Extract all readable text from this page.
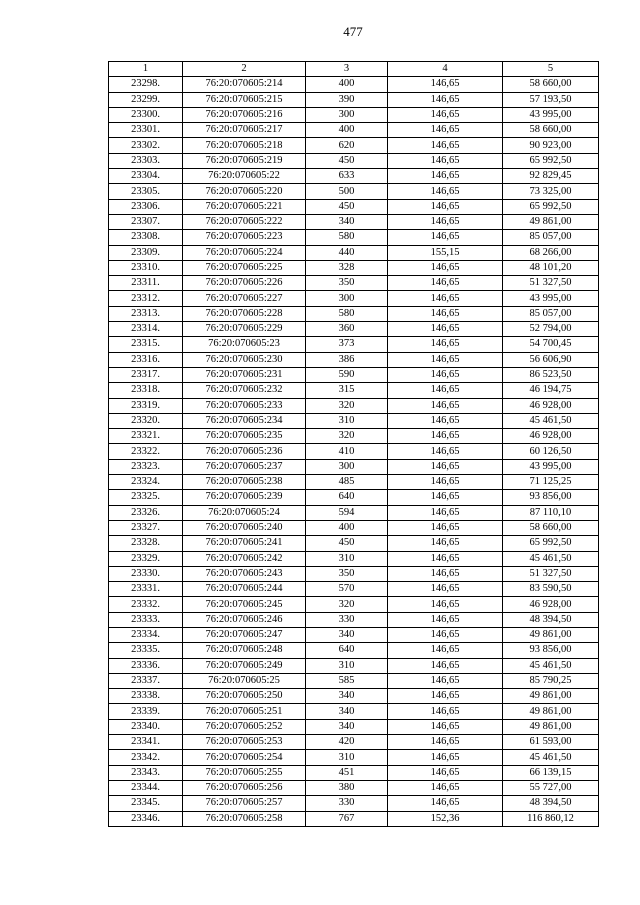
477
1	2	3	4	5
23298.	76:20:070605:214	400	146,65	58 660,00
23299.	76:20:070605:215	390	146,65	57 193,50
23300.	76:20:070605:216	300	146,65	43 995,00
23301.	76:20:070605:217	400	146,65	58 660,00
23302.	76:20:070605:218	620	146,65	90 923,00
23303.	76:20:070605:219	450	146,65	65 992,50
23304.	76:20:070605:22	633	146,65	92 829,45
23305.	76:20:070605:220	500	146,65	73 325,00
23306.	76:20:070605:221	450	146,65	65 992,50
23307.	76:20:070605:222	340	146,65	49 861,00
23308.	76:20:070605:223	580	146,65	85 057,00
23309.	76:20:070605:224	440	155,15	68 266,00
23310.	76:20:070605:225	328	146,65	48 101,20
23311.	76:20:070605:226	350	146,65	51 327,50
23312.	76:20:070605:227	300	146,65	43 995,00
23313.	76:20:070605:228	580	146,65	85 057,00
23314.	76:20:070605:229	360	146,65	52 794,00
23315.	76:20:070605:23	373	146,65	54 700,45
23316.	76:20:070605:230	386	146,65	56 606,90
23317.	76:20:070605:231	590	146,65	86 523,50
23318.	76:20:070605:232	315	146,65	46 194,75
23319.	76:20:070605:233	320	146,65	46 928,00
23320.	76:20:070605:234	310	146,65	45 461,50
23321.	76:20:070605:235	320	146,65	46 928,00
23322.	76:20:070605:236	410	146,65	60 126,50
23323.	76:20:070605:237	300	146,65	43 995,00
23324.	76:20:070605:238	485	146,65	71 125,25
23325.	76:20:070605:239	640	146,65	93 856,00
23326.	76:20:070605:24	594	146,65	87 110,10
23327.	76:20:070605:240	400	146,65	58 660,00
23328.	76:20:070605:241	450	146,65	65 992,50
23329.	76:20:070605:242	310	146,65	45 461,50
23330.	76:20:070605:243	350	146,65	51 327,50
23331.	76:20:070605:244	570	146,65	83 590,50
23332.	76:20:070605:245	320	146,65	46 928,00
23333.	76:20:070605:246	330	146,65	48 394,50
23334.	76:20:070605:247	340	146,65	49 861,00
23335.	76:20:070605:248	640	146,65	93 856,00
23336.	76:20:070605:249	310	146,65	45 461,50
23337.	76:20:070605:25	585	146,65	85 790,25
23338.	76:20:070605:250	340	146,65	49 861,00
23339.	76:20:070605:251	340	146,65	49 861,00
23340.	76:20:070605:252	340	146,65	49 861,00
23341.	76:20:070605:253	420	146,65	61 593,00
23342.	76:20:070605:254	310	146,65	45 461,50
23343.	76:20:070605:255	451	146,65	66 139,15
23344.	76:20:070605:256	380	146,65	55 727,00
23345.	76:20:070605:257	330	146,65	48 394,50
23346.	76:20:070605:258	767	152,36	116 860,12
